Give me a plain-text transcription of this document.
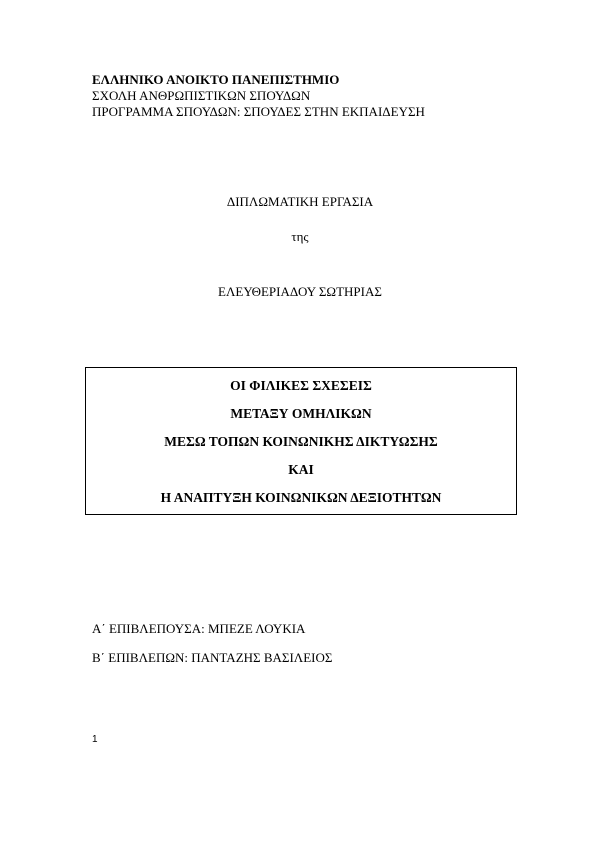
ΕΛΛΗΝΙΚΟ ΑΝΟΙΚΤΟ ΠΑΝΕΠΙΣΤΗΜΙΟ
ΣΧΟΛΗ ΑΝΘΡΩΠΙΣΤΙΚΩΝ ΣΠΟΥΔΩΝ
ΠΡΟΓΡΑΜΜΑ ΣΠΟΥΔΩΝ: ΣΠΟΥΔΕΣ ΣΤΗΝ ΕΚΠΑΙΔΕΥΣΗ
ΔΙΠΛΩΜΑΤΙΚΗ ΕΡΓΑΣΙΑ
της
ΕΛΕΥΘΕΡΙΑΔΟΥ ΣΩΤΗΡΙΑΣ
ΟΙ ΦΙΛΙΚΕΣ ΣΧΕΣΕΙΣ
ΜΕΤΑΞΥ ΟΜΗΛΙΚΩΝ
ΜΕΣΩ ΤΟΠΩΝ ΚΟΙΝΩΝΙΚΗΣ ΔΙΚΤΥΩΣΗΣ
ΚΑΙ
Η ΑΝΑΠΤΥΞΗ ΚΟΙΝΩΝΙΚΩΝ ΔΕΞΙΟΤΗΤΩΝ
Α΄ ΕΠΙΒΛΕΠΟΥΣΑ: ΜΠΕΖΕ ΛΟΥΚΙΑ
Β΄ ΕΠΙΒΛΕΠΩΝ: ΠΑΝΤΑΖΗΣ ΒΑΣΙΛΕΙΟΣ
1
